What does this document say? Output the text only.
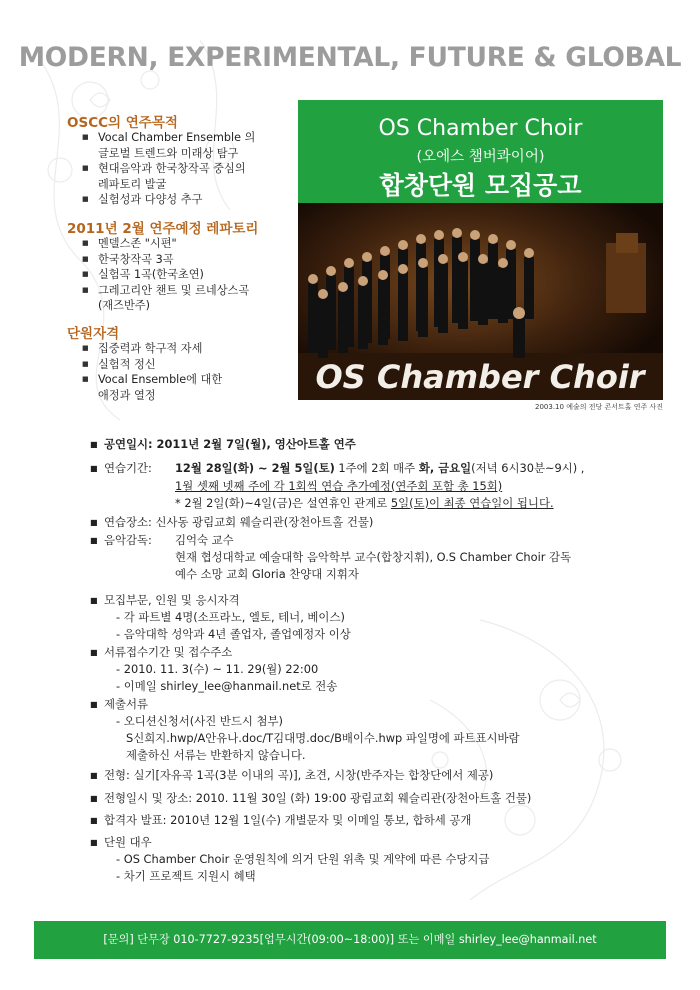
MODERN, EXPERIMENTAL, FUTURE & GLOBAL
OSCC의 연주목적
■ Vocal Chamber Ensemble 의
글로벌 트렌드와 미래상 탐구
■ 현대음악과 한국창작곡 중심의
레파토리 발굴
■ 실험성과 다양성 추구
2011년 2월 연주예정 레파토리
■ 멘델스존 "시편"
■ 한국창작곡 3곡
■ 실험곡 1곡(한국초연)
■ 그레고리안 챈트 및 르네상스곡
(재즈반주)
단원자격
■ 집중력과 학구적 자세
■ 실험적 정신
■ Vocal Ensemble에 대한
애정과 열정
OS Chamber Choir
(오에스 챔버콰이어)
합창단원 모집공고
OS Chamber Choir
2003.10 예술의 전당 콘서트홀 연주 사진
■ 공연일시: 2011년 2월 7일(월), 영산아트홀 연주
■ 연습기간: 12월 28일(화) ~ 2월 5일(토) 1주에 2회 매주 화, 금요일(저녁 6시30분~9시) ,
1월 셋째 넷째 주에 각 1회씩 연습 추가예정(연주회 포함 총 15회)
* 2월 2일(화)~4일(금)은 설연휴인 관계로 5일(토)이 최종 연습일이 됩니다.
■ 연습장소: 신사동 광림교회 웨슬리관(장천아트홀 건물)
■ 음악감독: 김억숙 교수
현재 협성대학교 예술대학 음악학부 교수(합창지휘), O.S Chamber Choir 감독
예수 소망 교회 Gloria 찬양대 지휘자
■ 모집부문, 인원 및 응시자격
- 각 파트별 4명(소프라노, 엘토, 테너, 베이스)
- 음악대학 성악과 4년 졸업자, 졸업예정자 이상
■ 서류접수기간 및 접수주소
- 2010. 11. 3(수) ~ 11. 29(월) 22:00
- 이메일 shirley_lee@hanmail.net로 전송
■ 제출서류
- 오디션신청서(사진 반드시 첨부)
S신희지.hwp/A안유나.doc/T김대명.doc/B배이수.hwp 파일명에 파트표시바람
제출하신 서류는 반환하지 않습니다.
■ 전형: 실기[자유곡 1곡(3분 이내의 곡)], 초견, 시창(반주자는 합창단에서 제공)
■ 전형일시 및 장소: 2010. 11월 30일 (화) 19:00 광림교회 웨슬리관(장천아트홀 건물)
■ 합격자 발표: 2010년 12월 1일(수) 개별문자 및 이메일 통보, 합하세 공개
■ 단원 대우
- OS Chamber Choir 운영원칙에 의거 단원 위촉 및 계약에 따른 수당지급
- 차기 프로젝트 지원시 혜택
[문의] 단무장 010-7727-9235[업무시간(09:00~18:00)] 또는 이메일 shirley_lee@hanmail.net
